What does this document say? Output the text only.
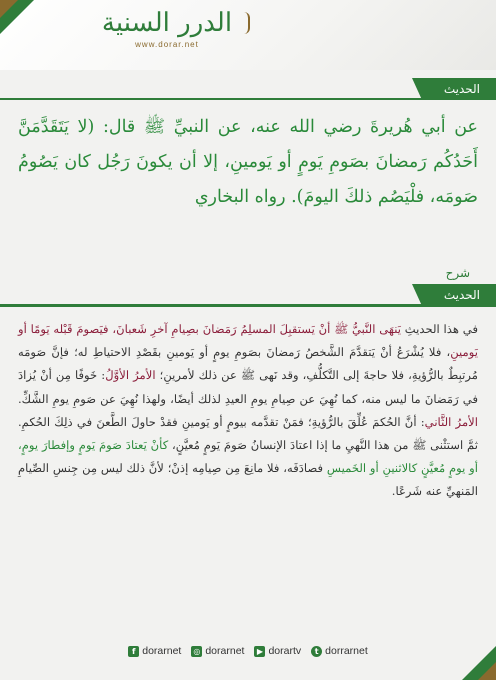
الدرر السنية
www.dorar.net
الحديث
عن أبي هُريرةَ رضي الله عنه، عن النبيِّ ﷺ قال: (لا يَتَقَدَّمَنَّ أَحَدُكُم رَمضانَ بصَومِ يَومٍ أو يَومينِ، إلا أن يكونَ رَجُل كان يَصُومُ صَومَه، فلْيَصُم ذلكَ اليومَ). رواه البخاري
شرح
الحديث
في هذا الحديثِ يَنهَى النَّبيُّ ﷺ أنْ يَستقبِلَ المسلِمُ رَمَضانَ بصِيامِ آخرِ شَعبانَ، فيَصومَ قَبْله يَومًا أو يَومينِ، فلا يُشْرَعُ أنْ يَتقدَّمَ الشَّخصُ رَمضانَ بصَومِ يومٍ أو يَومينِ بقَصْدِ الاحتياطِ له؛ فإنَّ صَومَه مُرتبِطٌ بالرُّؤيةِ، فلا حاجةَ إلى التَّكلُّفِ، وقد نَهى ﷺ عن ذلك لأمرينِ؛ الأمرُ الأوَّلُ: خَوفًا مِن أنْ يُزادَ في رَمَضانَ ما ليس منه، كما نُهِيَ عن صِيامِ يومِ العيدِ لذلك أيضًا، ولهذا نُهِيَ عن صَومِ يومِ الشَّكِّ. الأمرُ الثَّاني: أنَّ الحُكمَ عُلِّقَ بالرُّؤيةِ؛ فمَنْ تقدَّمه بيومٍ أو يَومينِ فقدْ حاولَ الطَّعنَ في ذلِكَ الحُكمِ. ثمَّ استثْنى ﷺ من هذا النَّهيِ ما إذا اعتادَ الإنسانُ صَومَ يَومٍ مُعيَّنٍ، كأنْ يَعتادَ صَومَ يَومٍ وإفطارَ يومٍ، أو يومٍ مُعيَّنٍ كالاثنينِ أو الخَميسِ فصادَفَه، فلا مانِعَ مِن صِيامِه إذنْ؛ لأنَّ ذلك ليس مِن جِنسِ الصِّيامِ المَنهيِّ عنه شَرعًا.
f dorarnet ◎ dorarnet	▶ dorartv	t dorrarnet
